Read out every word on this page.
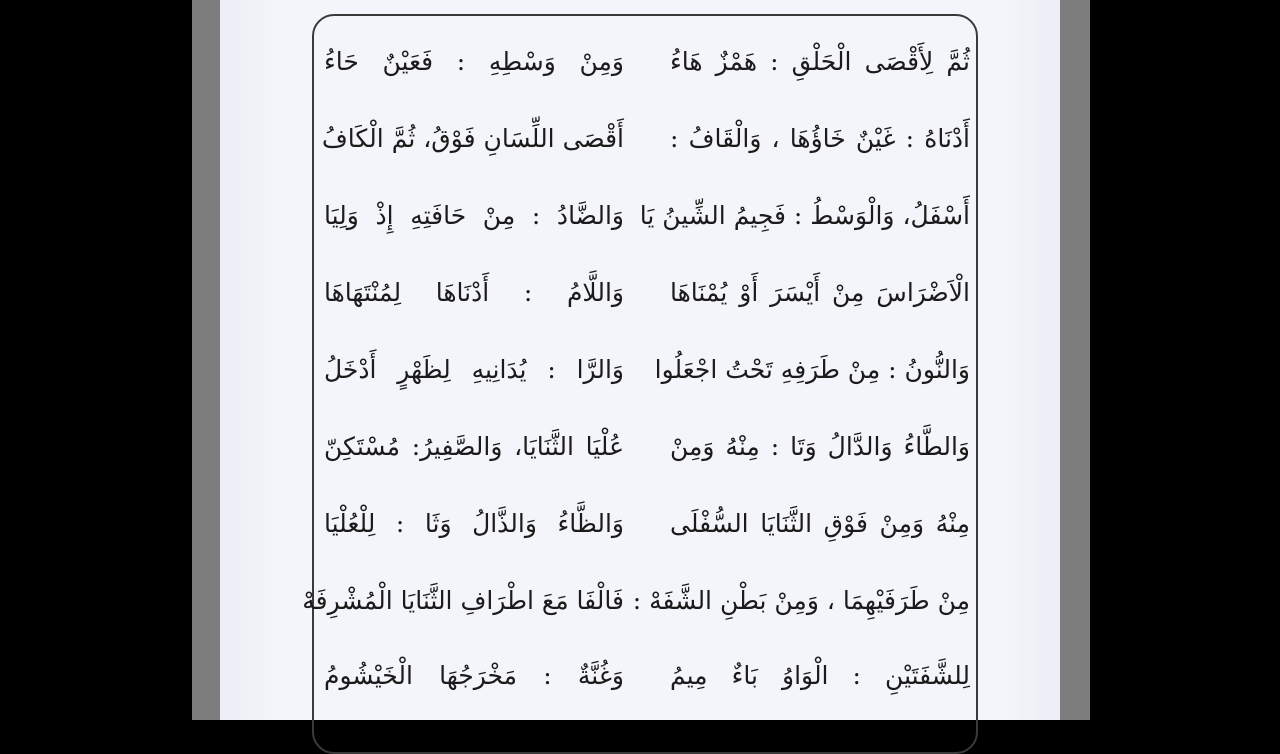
ثُمَّ لِأَقْصَى الْحَلْقِ : هَمْزٌ هَاءُ
وَمِنْ وَسْطِهِ : فَعَيْنٌ حَاءُ
أَدْنَاهُ : غَيْنٌ خَاؤُهَا ، وَالْقَافُ :
أَقْصَى اللِّسَانِ فَوْقُ، ثُمَّ الْكَافُ
أَسْفَلُ، وَالْوَسْطُ : فَجِيمُ الشِّينُ يَا
وَالضَّادُ : مِنْ حَافَتِهِ إِذْ وَلِيَا
الْاَضْرَاسَ مِنْ أَيْسَرَ أَوْ يُمْنَاهَا
وَاللَّامُ : أَدْنَاهَا لِمُنْتَهَاهَا
وَالنُّونُ : مِنْ طَرَفِهِ تَحْتُ اجْعَلُوا
وَالرَّا : يُدَانِيهِ لِظَهْرٍ أَدْخَلُ
وَالطَّاءُ وَالدَّالُ وَتَا : مِنْهُ وَمِنْ
عُلْيَا الثَّنَايَا، وَالصَّفِيرُ: مُسْتَكِنّ
مِنْهُ وَمِنْ فَوْقِ الثَّنَايَا السُّفْلَى
وَالظَّاءُ وَالذَّالُ وَثَا : لِلْعُلْيَا
مِنْ طَرَفَيْهِمَا ، وَمِنْ بَطْنِ الشَّفَهْ :
فَالْفَا مَعَ اطْرَافِ الثَّنَايَا الْمُشْرِفَهْ
لِلشَّفَتَيْنِ : الْوَاوُ بَاءٌ مِيمُ
وَغُنَّةٌ : مَخْرَجُهَا الْخَيْشُومُ
